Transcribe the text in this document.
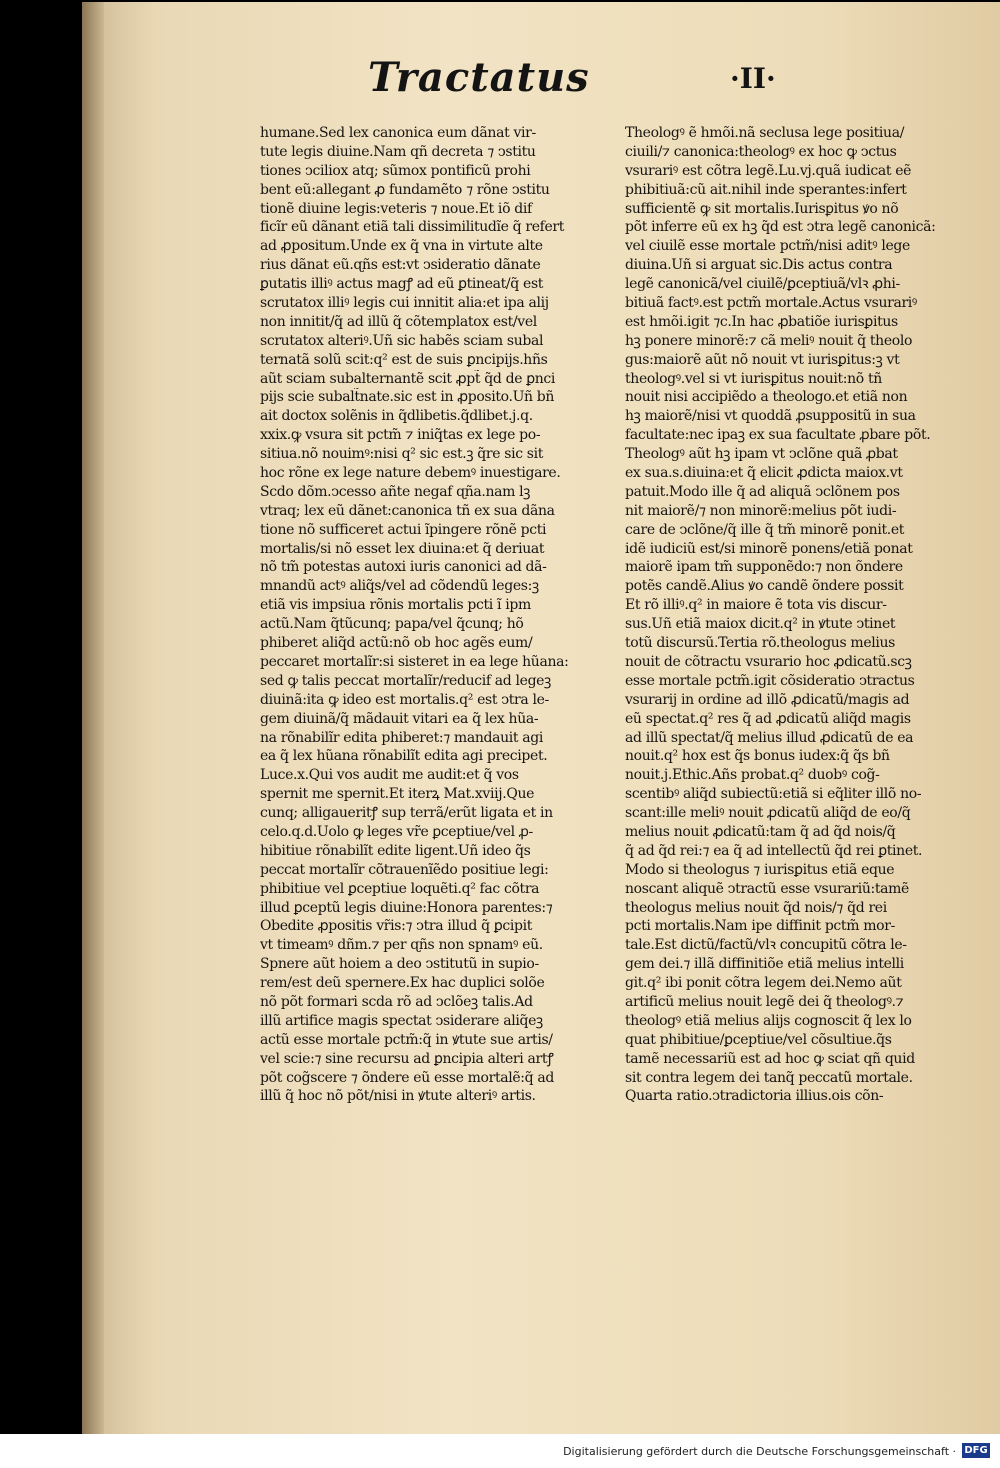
Tractatus	·II·
humane.Sed lex canonica eum dãnat vir-
tute legis diuine.Nam qñ decreta ⁊ ↄstitu
tiones ↄciliox atq; sũmox pontificũ prohi
bent eũ:allegant ꝓ fundamẽto ⁊ rõne ↄstitu
tionẽ diuine legis:veteris ⁊ noue.Et iõ dif
ficĩr eũ dãnant etiã tali dissimilitudĩe q̃ refert
ad ꝓpositum.Unde ex q̃ vna in virtute alte
rius dãnat eũ.ɋñs est:vt ↄsideratio dãnate
ꝑutatis illiꝰ actus magꝭ ad eũ ꝑtineat/q̃ est
scrutatox illiꝰ legis cui innitit alia:et ipa alij
non innitit/q̃ ad illũ q̃ cõtemplatox est/vel
scrutatox alteriꝰ.Uñ sic habẽs sciam subal
ternatã solũ scit:q² est de suis ꝑncipijs.hñs
aũt sciam subalternantẽ scit ꝓpt̃ q̃d de ꝑnci
pijs scie subalt̃nate.sic est in ꝓposito.Uñ bñ
ait doctox solẽnis in q̃dlibetis.q̃dlibet.j.q.
xxix.ꝙ vsura sit pctm̃ ⁊ iniq̃tas ex lege po-
sitiua.nõ nouimꝰ:nisi q² sic est.ꝫ q̃re sic sit
hoc rõne ex lege nature debemꝰ inuestigare.
Scdo dõm.ↄcesso añte negaf ɋña.nam lꝫ
vtraq; lex eũ dãnet:canonica tñ ex sua dãna
tione nõ sufficeret actui ĩpingere rõnẽ pcti
mortalis/si nõ esset lex diuina:et q̃ deriuat
nõ tm̃ potestas autoxi iuris canonici ad dã-
mnandũ actꝰ aliq̃s/vel ad cõdendũ leges:ꝫ
etiã vis impsiua rõnis mortalis pcti ĩ ipm
actũ.Nam q̃tũcunq; papa/vel q̃cunq; hõ
phiberet aliq̃d actũ:nõ ob hoc agẽs eum/
peccaret mortalĩr:si sisteret in ea lege hũana:
sed ꝙ talis peccat mortalĩr/reducif ad legeꝫ
diuinã:ita ꝙ ideo est mortalis.q² est ↄtra le-
gem diuinã/q̃ mãdauit vitari ea q̃ lex hũa-
na rõnabilĩr edita phiberet:⁊ mandauit agi
ea q̃ lex hũana rõnabilĩt edita agi precipet.
Luce.x.Qui vos audit me audit:et q̃ vos
spernit me spernit.Et iterꝝ Mat.xviij.Que
cunq; alligaueritꝭ sup terrã/erũt ligata et in
celo.q.d.Uolo ꝙ leges vr̃e ꝑceptiue/vel ꝓ-
hibitiue rõnabilĩt edite ligent.Uñ ideo q̃s
peccat mortalĩr cõtrauenĩẽdo positiue legi:
phibitiue vel ꝑceptiue loquẽti.q² fac cõtra
illud ꝑceptũ legis diuine:Honora parentes:⁊
Obedite ꝓpositis vr̃is:⁊ ↄtra illud q̃ ꝑcipit
vt timeamꝰ dñm.⁊ per ɋñs non spnamꝰ eũ.
Spnere aũt hoiem a deo ↄstitutũ in supio-
rem/est deũ spernere.Ex hac duplici solõe
nõ põt formari scda rõ ad ↄclõeꝫ talis.Ad
illũ artifice magis spectat ↄsiderare aliq̃eꝫ
actũ esse mortale pctm̃:q̃ in ꝟtute sue artis/
vel scie:⁊ sine recursu ad ꝑncipia alteri artꝭ
põt cog̃scere ⁊ õndere eũ esse mortalẽ:q̃ ad
illũ q̃ hoc nõ põt/nisi in ꝟtute alteriꝰ artis.
Theologꝰ ẽ hmõi.nã seclusa lege positiua/
ciuili/⁊ canonica:theologꝰ ex hoc ꝙ ↄctus
vsurariꝰ est cõtra legẽ.Lu.vj.quã iudicat eẽ
phibitiuã:cũ ait.nihil inde sperantes:infert
sufficientẽ ꝙ sit mortalis.Iurisꝑitus ꝟo nõ
põt inferre eũ ex hꝫ q̃d est ↄtra legẽ canonicã:
vel ciuilẽ esse mortale pctm̃/nisi aditꝰ lege
diuina.Uñ si arguat sic.Dis actus contra
legẽ canonicã/vel ciuilẽ/ꝑceptiuã/vlꝛ ꝓhi-
bitiuã factꝰ.est pctm̃ mortale.Actus vsurariꝰ
est hmõi.igit ⁊c.In hac ꝓbatiõe iurisꝑitus
hꝫ ponere minorẽ:⁊ cã meliꝰ nouit q̃ theolo
gus:maiorẽ aũt nõ nouit vt iurisꝑitus:ꝫ vt
theologꝰ.vel si vt iurisꝑitus nouit:nõ tñ
nouit nisi accipiẽdo a theologo.et etiã non
hꝫ maiorẽ/nisi vt quoddã ꝓsuppositũ in sua
facultate:nec ipaꝫ ex sua facultate ꝓbare põt.
Theologꝰ aũt hꝫ ipam vt ↄclõne quã ꝓbat
ex sua.s.diuina:et q̃ elicit ꝓdicta maiox.vt
patuit.Modo ille q̃ ad aliquã ↄclõnem pos
nit maiorẽ/⁊ non minorẽ:melius põt iudi-
care de ↄclõne/q̃ ille q̃ tm̃ minorẽ ponit.et
idẽ iudiciũ est/si minorẽ ponens/etiã ponat
maiorẽ ipam tm̃ supponẽdo:⁊ non õndere
potẽs candẽ.Alius ꝟo candẽ õndere possit
Et rõ illiꝰ.q² in maiore ẽ tota vis discur-
sus.Uñ etiã maiox dicit.q² in ꝟtute ↄtinet
totũ discursũ.Tertia rõ.theologus melius
nouit de cõtractu vsurario hoc ꝓdicatũ.scꝫ
esse mortale pctm̃.igit cõsideratio ↄtractus
vsurarij in ordine ad illõ ꝓdicatũ/magis ad
eũ spectat.q² res q̃ ad ꝓdicatũ aliq̃d magis
ad illũ spectat/q̃ melius illud ꝓdicatũ de ea
nouit.q² hox est q̃s bonus iudex:q̃ q̃s bñ
nouit.j.Ethic.Añs probat.q² duobꝰ cog̃-
scentibꝰ aliq̃d subiectũ:etiã si eq̃liter illõ no-
scant:ille meliꝰ nouit ꝓdicatũ aliq̃d de eo/q̃
melius nouit ꝓdicatũ:tam q̃ ad q̃d nois/q̃
q̃ ad q̃d rei:⁊ ea q̃ ad intellectũ q̃d rei ꝑtinet.
Modo si theologus ⁊ iurisꝑitus etiã eque
noscant aliquẽ ↄtractũ esse vsurariũ:tamẽ
theologus melius nouit q̃d nois/⁊ q̃d rei
pcti mortalis.Nam ipe diffinit pctm̃ mor-
tale.Est dictũ/factũ/vlꝛ concupitũ cõtra le-
gem dei.⁊ illã diffinitiõe etiã melius intelli
git.q² ibi ponit cõtra legem dei.Nemo aũt
artificũ melius nouit legẽ dei q̃ theologꝰ.⁊
theologꝰ etiã melius alijs cognoscit q̃ lex lo
quat phibitiue/ꝑceptiue/vel cõsultiue.q̃s
tamẽ necessariũ est ad hoc ꝙ sciat qñ quid
sit contra legem dei tanq̃ peccatũ mortale.
Quarta ratio.ↄtradictoria illius.ois cõn-
Digitalisierung gefördert durch die Deutsche Forschungsgemeinschaft · DFG
